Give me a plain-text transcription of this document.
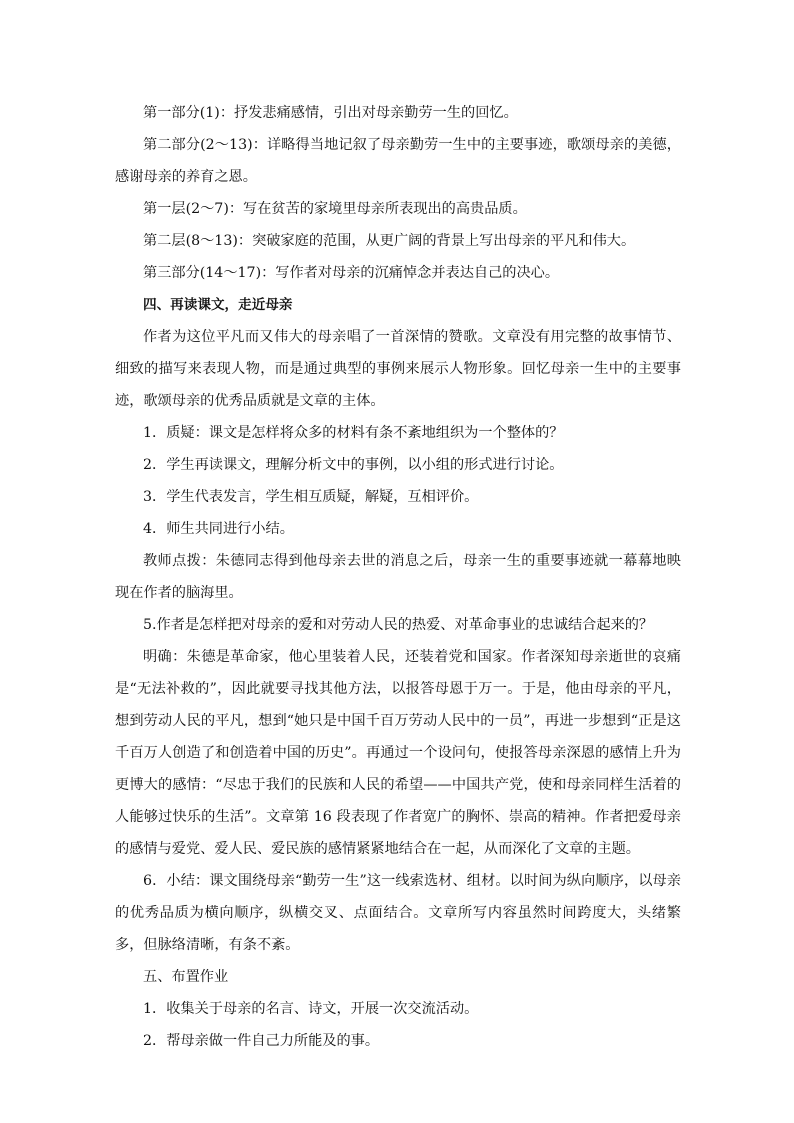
第一部分(1)：抒发悲痛感情，引出对母亲勤劳一生的回忆。

第二部分(2～13)：详略得当地记叙了母亲勤劳一生中的主要事迹，歌颂母亲的美德，感谢母亲的养育之恩。

第一层(2～7)：写在贫苦的家境里母亲所表现出的高贵品质。

第二层(8～13)：突破家庭的范围，从更广阔的背景上写出母亲的平凡和伟大。

第三部分(14～17)：写作者对母亲的沉痛悼念并表达自己的决心。

四、再读课文，走近母亲

作者为这位平凡而又伟大的母亲唱了一首深情的赞歌。文章没有用完整的故事情节、细致的描写来表现人物，而是通过典型的事例来展示人物形象。回忆母亲一生中的主要事迹，歌颂母亲的优秀品质就是文章的主体。

1．质疑：课文是怎样将众多的材料有条不紊地组织为一个整体的？

2．学生再读课文，理解分析文中的事例，以小组的形式进行讨论。

3．学生代表发言，学生相互质疑，解疑，互相评价。

4．师生共同进行小结。

教师点拨：朱德同志得到他母亲去世的消息之后，母亲一生的重要事迹就一幕幕地映现在作者的脑海里。

5.作者是怎样把对母亲的爱和对劳动人民的热爱、对革命事业的忠诚结合起来的？

明确：朱德是革命家，他心里装着人民，还装着党和国家。作者深知母亲逝世的哀痛是“无法补救的”，因此就要寻找其他方法，以报答母恩于万一。于是，他由母亲的平凡，想到劳动人民的平凡，想到“她只是中国千百万劳动人民中的一员”，再进一步想到“正是这千百万人创造了和创造着中国的历史”。再通过一个设问句，使报答母亲深恩的感情上升为更博大的感情：“尽忠于我们的民族和人民的希望——中国共产党，使和母亲同样生活着的人能够过快乐的生活”。文章第 16 段表现了作者宽广的胸怀、崇高的精神。作者把爱母亲的感情与爱党、爱人民、爱民族的感情紧紧地结合在一起，从而深化了文章的主题。

6．小结：课文围绕母亲“勤劳一生”这一线索选材、组材。以时间为纵向顺序，以母亲的优秀品质为横向顺序，纵横交叉、点面结合。文章所写内容虽然时间跨度大，头绪繁多，但脉络清晰，有条不紊。

五、布置作业

1．收集关于母亲的名言、诗文，开展一次交流活动。

2．帮母亲做一件自己力所能及的事。
